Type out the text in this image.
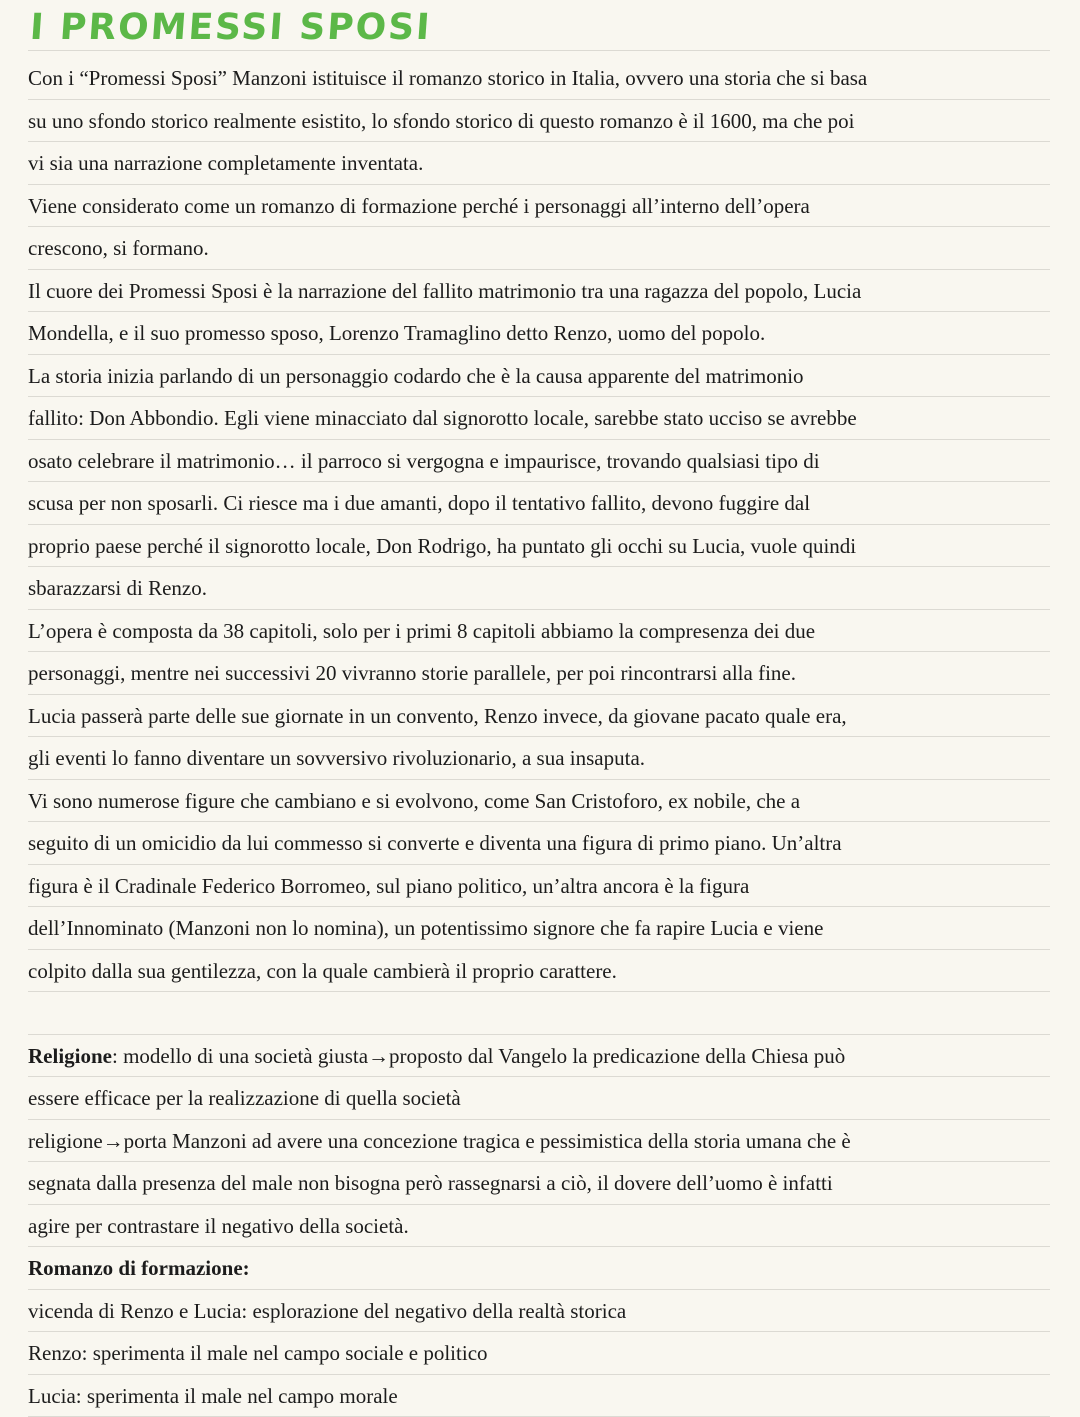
I PROMESSI SPOSI
Con i “Promessi Sposi” Manzoni istituisce il romanzo storico in Italia, ovvero una storia che si basa
su uno sfondo storico realmente esistito, lo sfondo storico di questo romanzo è il 1600, ma che poi
vi sia una narrazione completamente inventata.
Viene considerato come un romanzo di formazione perché i personaggi all’interno dell’opera
crescono, si formano.
Il cuore dei Promessi Sposi è la narrazione del fallito matrimonio tra una ragazza del popolo, Lucia
Mondella, e il suo promesso sposo, Lorenzo Tramaglino detto Renzo, uomo del popolo.
La storia inizia parlando di un personaggio codardo che è la causa apparente del matrimonio
fallito: Don Abbondio. Egli viene minacciato dal signorotto locale, sarebbe stato ucciso se avrebbe
osato celebrare il matrimonio… il parroco si vergogna e impaurisce, trovando qualsiasi tipo di
scusa per non sposarli. Ci riesce ma i due amanti, dopo il tentativo fallito, devono fuggire dal
proprio paese perché il signorotto locale, Don Rodrigo, ha puntato gli occhi su Lucia, vuole quindi
sbarazzarsi di Renzo.
L’opera è composta da 38 capitoli, solo per i primi 8 capitoli abbiamo la compresenza dei due
personaggi, mentre nei successivi 20 vivranno storie parallele, per poi rincontrarsi alla fine.
Lucia passerà parte delle sue giornate in un convento, Renzo invece, da giovane pacato quale era,
gli eventi lo fanno diventare un sovversivo rivoluzionario, a sua insaputa.
Vi sono numerose figure che cambiano e si evolvono, come San Cristoforo, ex nobile, che a
seguito di un omicidio da lui commesso si converte e diventa una figura di primo piano. Un’altra
figura è il Cradinale Federico Borromeo, sul piano politico, un’altra ancora è la figura
dell’Innominato (Manzoni non lo nomina), un potentissimo signore che fa rapire Lucia e viene
colpito dalla sua gentilezza, con la quale cambierà il proprio carattere.
Religione: modello di una società giusta→proposto dal Vangelo la predicazione della Chiesa può
essere efficace per la realizzazione di quella società
religione→porta Manzoni ad avere una concezione tragica e pessimistica della storia umana che è
segnata dalla presenza del male non bisogna però rassegnarsi a ciò, il dovere dell’uomo è infatti
agire per contrastare il negativo della società.
Romanzo di formazione:
vicenda di Renzo e Lucia: esplorazione del negativo della realtà storica
Renzo: sperimenta il male nel campo sociale e politico
Lucia: sperimenta il male nel campo morale
